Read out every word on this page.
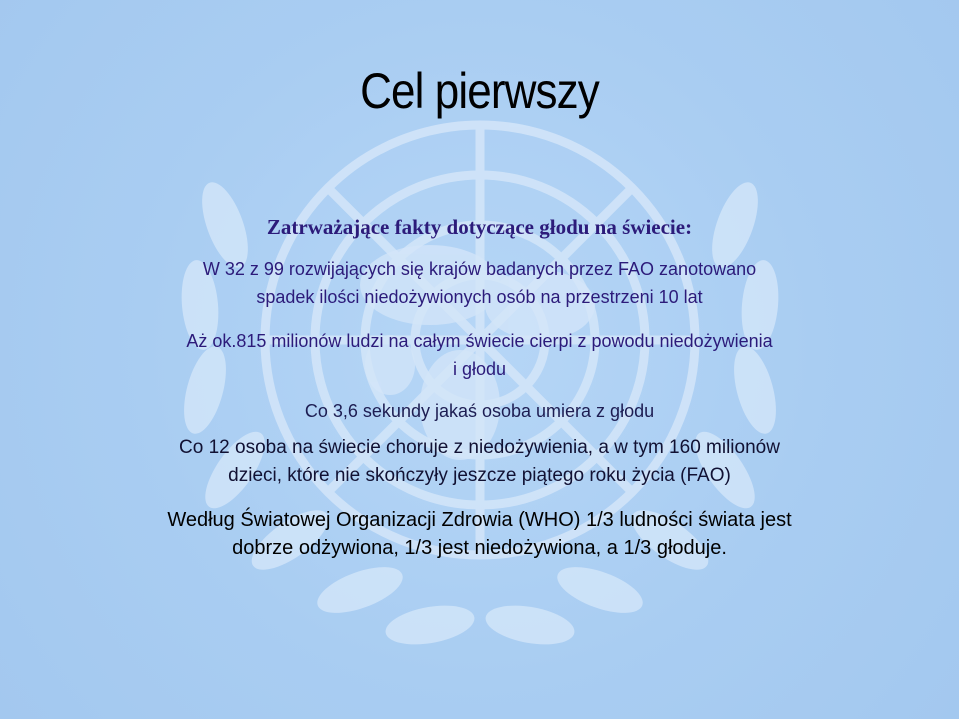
Cel pierwszy
Zatrważające fakty dotyczące głodu na świecie:
W 32 z 99 rozwijających się krajów badanych przez FAO zanotowano
spadek ilości niedożywionych osób na przestrzeni 10 lat
Aż ok.815 milionów ludzi na całym świecie cierpi z powodu niedożywienia
i głodu
Co 3,6 sekundy jakaś osoba umiera z głodu
Co 12 osoba na świecie choruje z niedożywienia, a w tym 160 milionów
dzieci, które nie skończyły jeszcze piątego roku życia (FAO)
Według Światowej Organizacji Zdrowia (WHO) 1/3 ludności świata jest
dobrze odżywiona, 1/3 jest niedożywiona, a 1/3 głoduje.
